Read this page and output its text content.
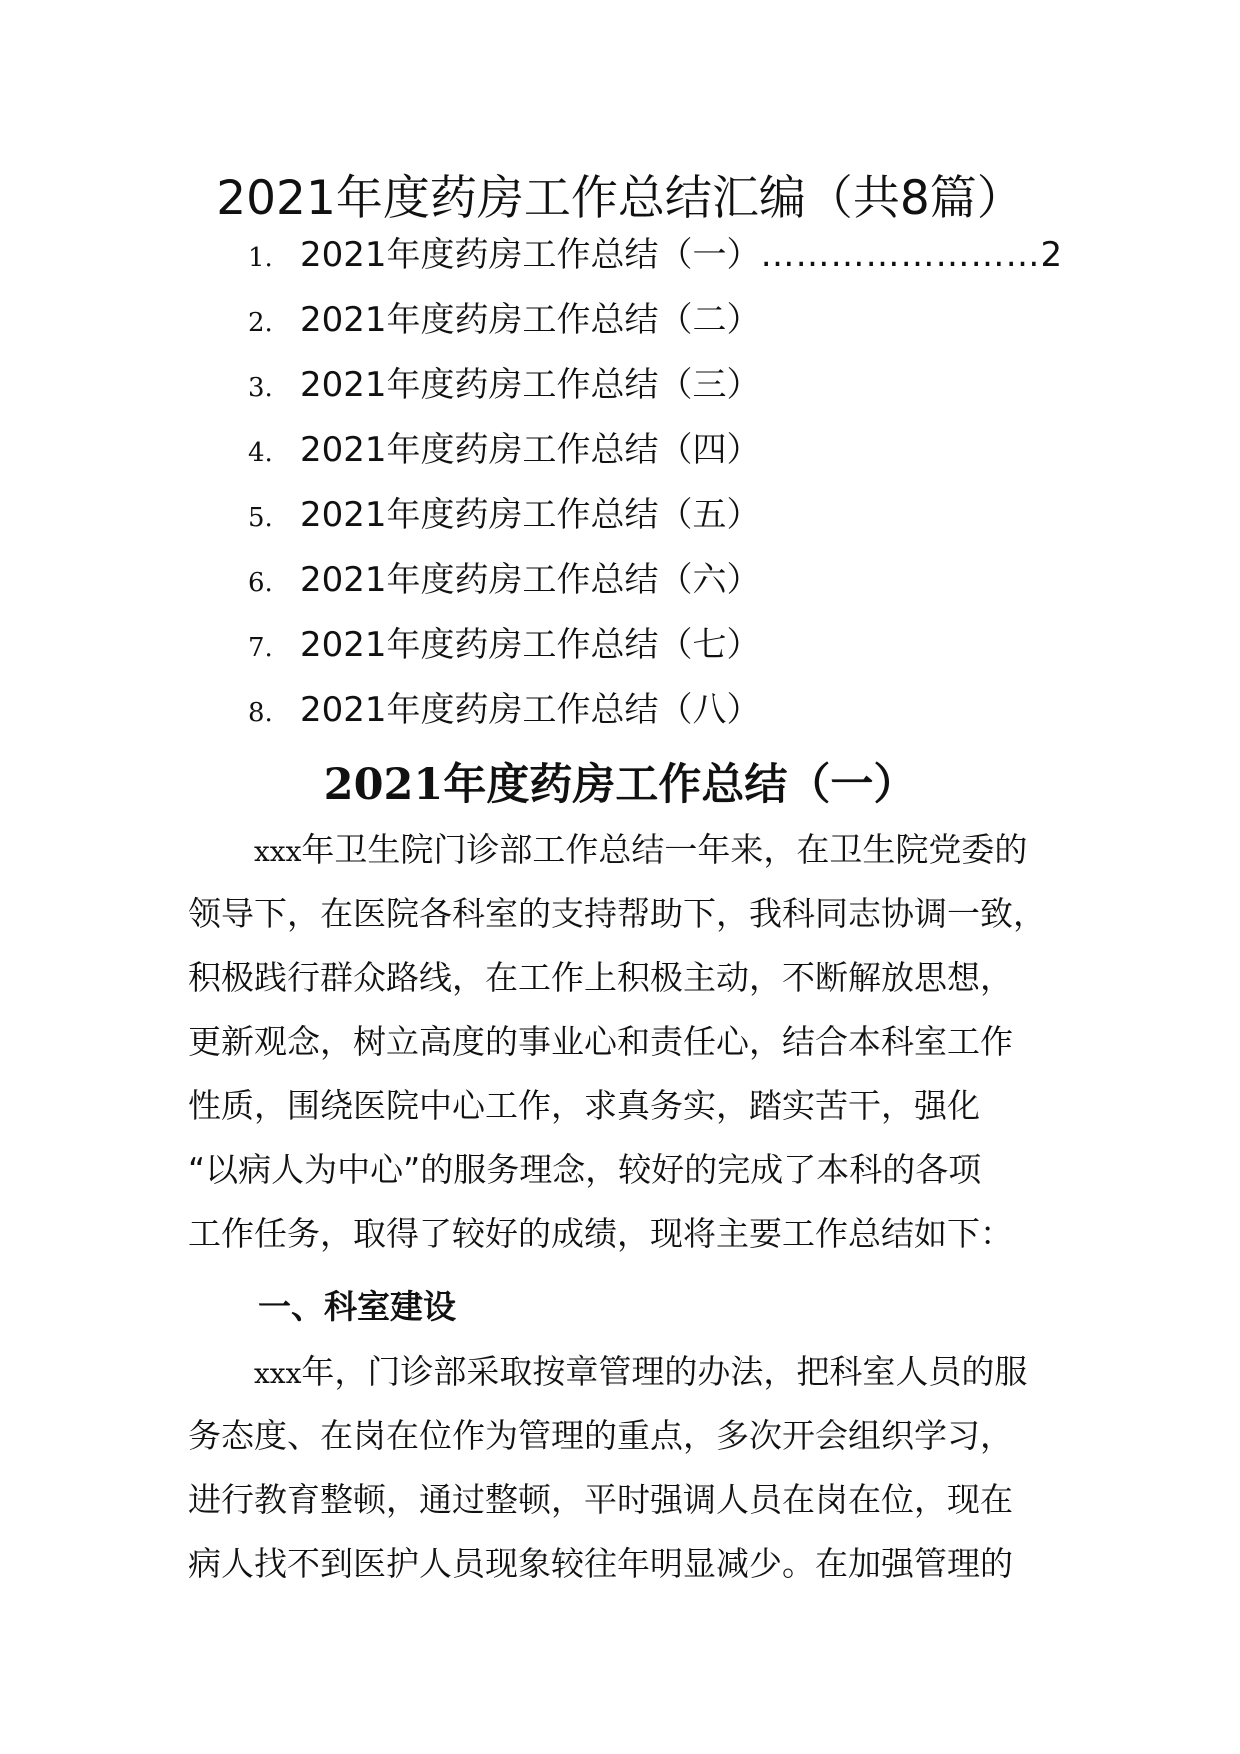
2021年度药房工作总结汇编（共8篇）
1. 2021年度药房工作总结（一）……………………2
2. 2021年度药房工作总结（二）
3. 2021年度药房工作总结（三）
4. 2021年度药房工作总结（四）
5. 2021年度药房工作总结（五）
6. 2021年度药房工作总结（六）
7. 2021年度药房工作总结（七）
8. 2021年度药房工作总结（八）
2021年度药房工作总结（一）
xxx年卫生院门诊部工作总结一年来，在卫生院党委的
领导下，在医院各科室的支持帮助下，我科同志协调一致，
积极践行群众路线，在工作上积极主动，不断解放思想，
更新观念，树立高度的事业心和责任心，结合本科室工作
性质，围绕医院中心工作，求真务实，踏实苦干，强化
“以病人为中心”的服务理念，较好的完成了本科的各项
工作任务，取得了较好的成绩，现将主要工作总结如下：
一、科室建设
xxx年，门诊部采取按章管理的办法，把科室人员的服
务态度、在岗在位作为管理的重点，多次开会组织学习，
进行教育整顿，通过整顿，平时强调人员在岗在位，现在
病人找不到医护人员现象较往年明显减少。在加强管理的
